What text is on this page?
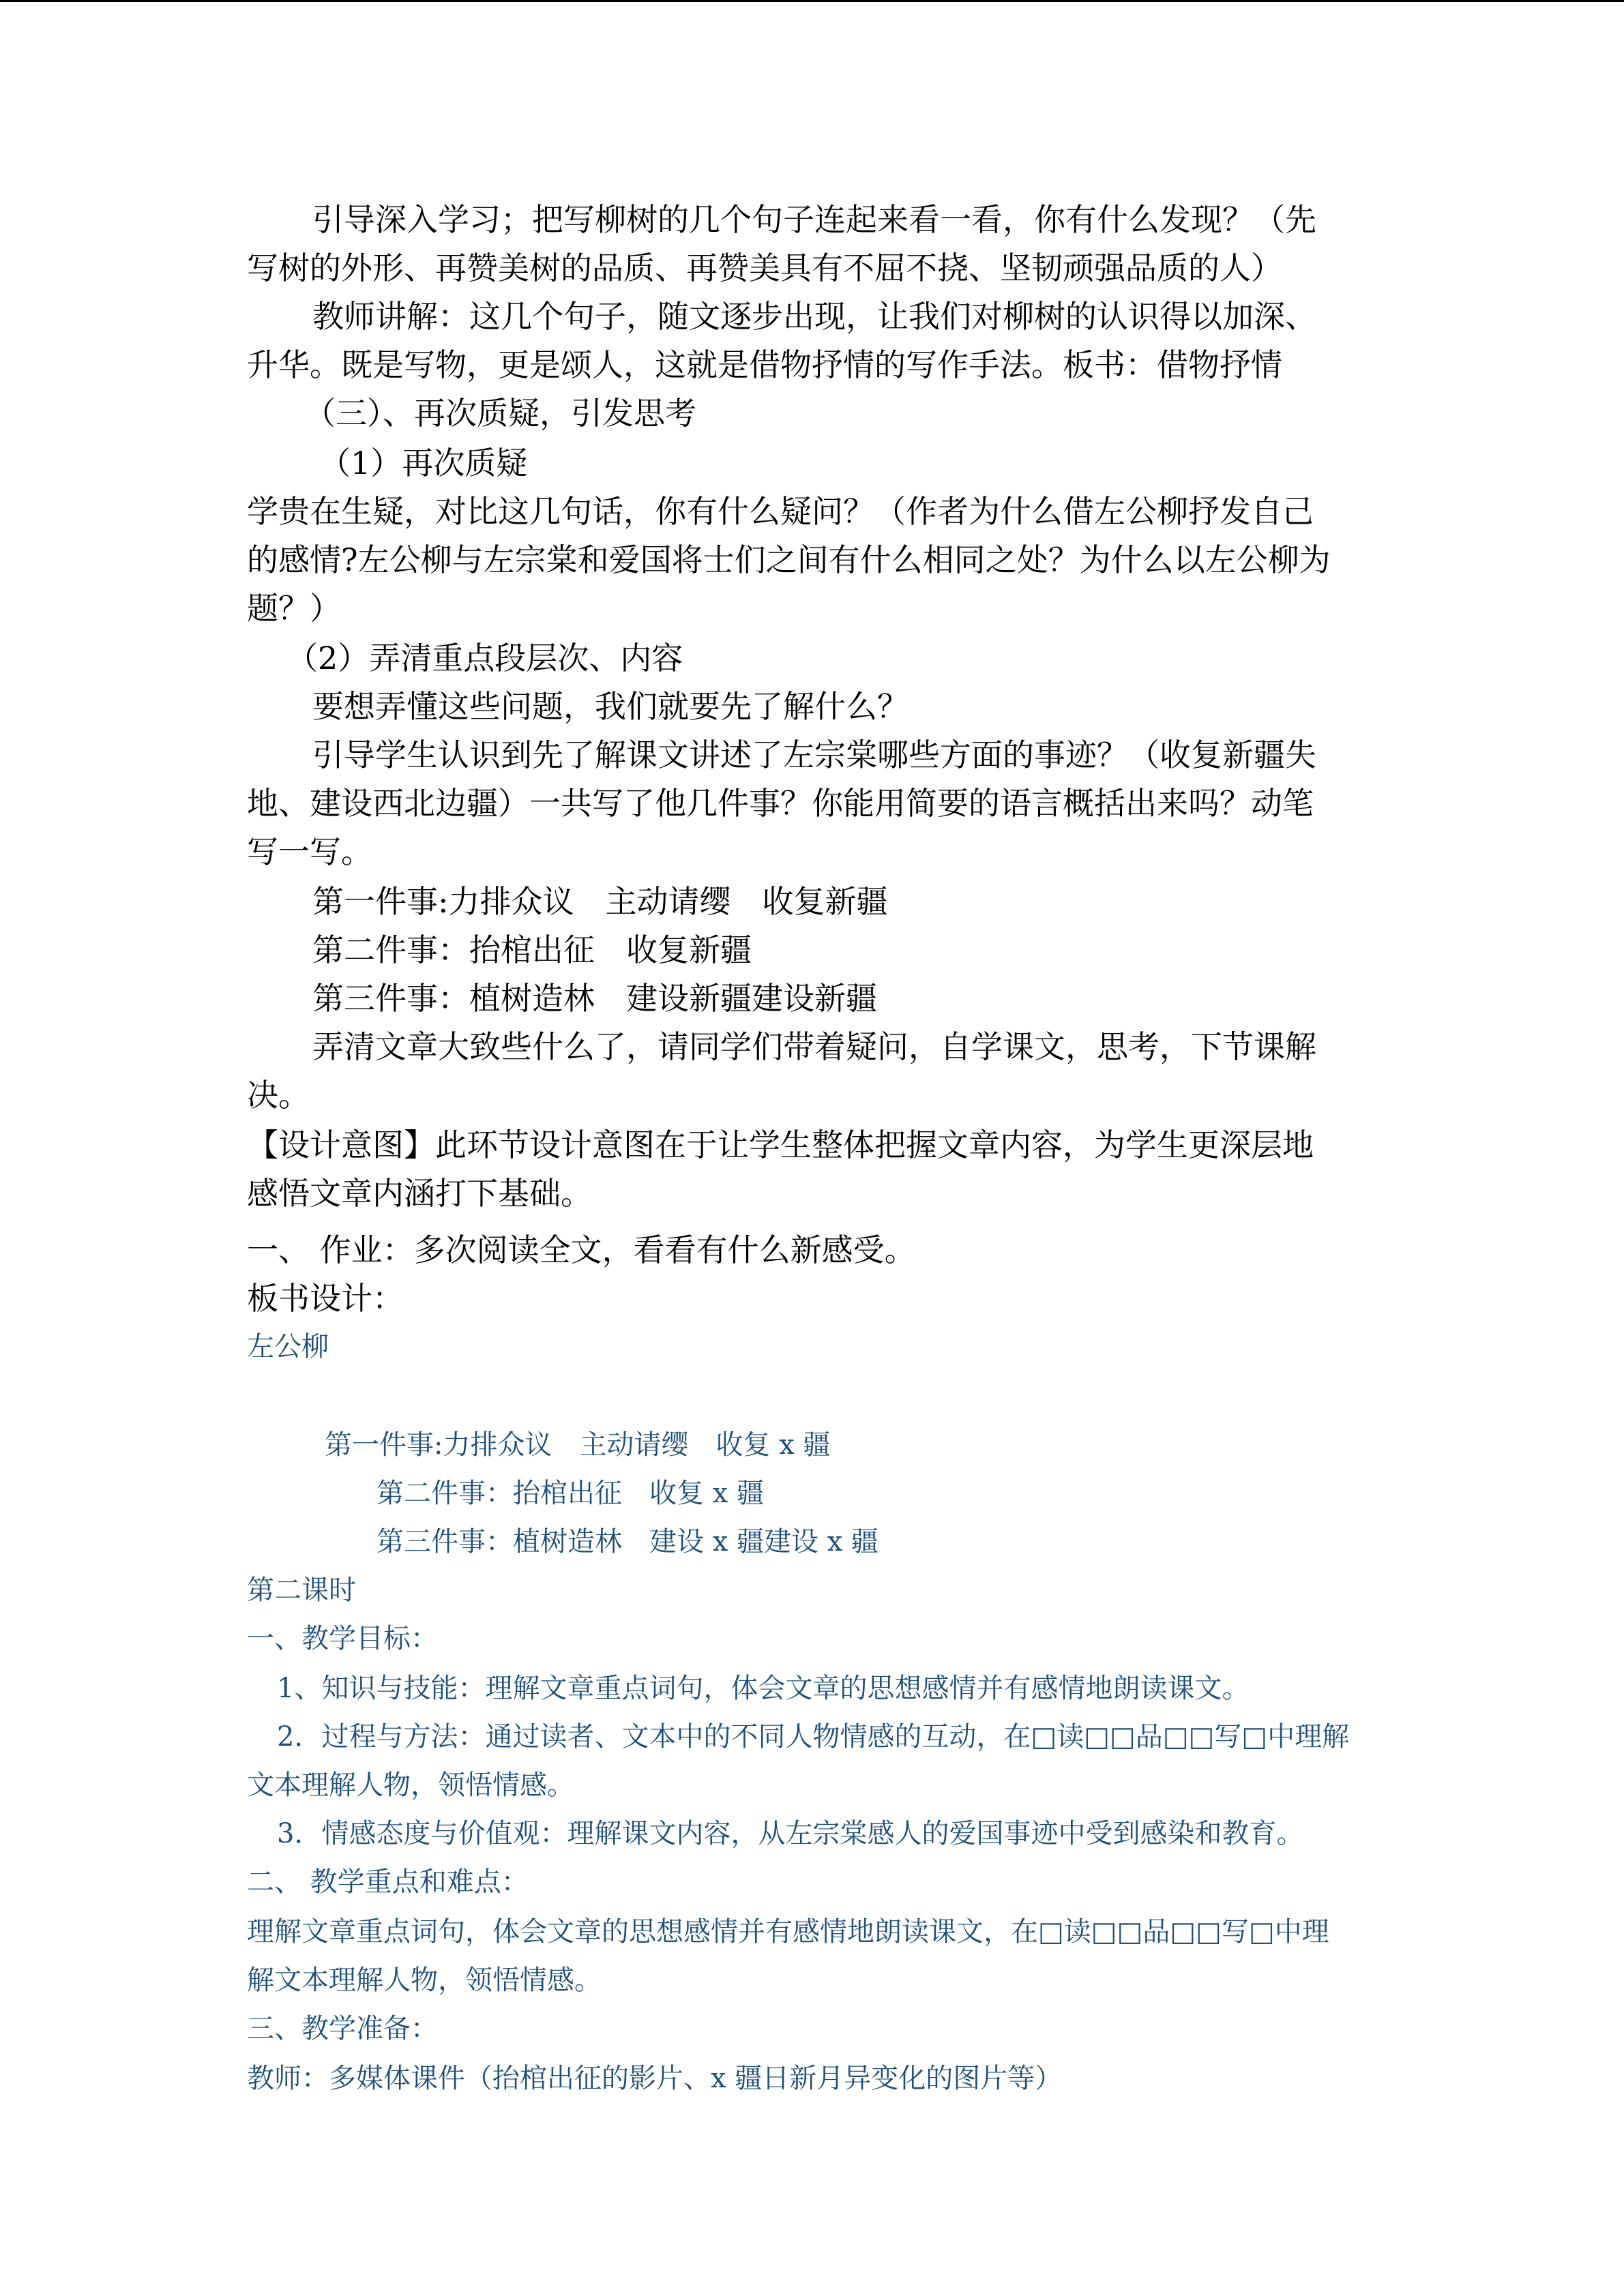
引导深入学习；把写柳树的几个句子连起来看一看，你有什么发现？（先
写树的外形、再赞美树的品质、再赞美具有不屈不挠、坚韧顽强品质的人）
教师讲解：这几个句子，随文逐步出现，让我们对柳树的认识得以加深、
升华。既是写物，更是颂人，这就是借物抒情的写作手法。板书：借物抒情
（三）、再次质疑，引发思考
（1）再次质疑
学贵在生疑，对比这几句话，你有什么疑问？（作者为什么借左公柳抒发自己
的感情?左公柳与左宗棠和爱国将士们之间有什么相同之处？为什么以左公柳为
题？）
（2）弄清重点段层次、内容
要想弄懂这些问题，我们就要先了解什么？
引导学生认识到先了解课文讲述了左宗棠哪些方面的事迹？（收复新疆失
地、建设西北边疆）一共写了他几件事？你能用简要的语言概括出来吗？动笔
写一写。
第一件事:力排众议　主动请缨　收复新疆
第二件事：抬棺出征　收复新疆
第三件事：植树造林　建设新疆建设新疆
弄清文章大致些什么了，请同学们带着疑问，自学课文，思考，下节课解
决。
【设计意图】此环节设计意图在于让学生整体把握文章内容，为学生更深层地
感悟文章内涵打下基础。
一、 作业：多次阅读全文，看看有什么新感受。
板书设计：
左公柳
第一件事:力排众议　主动请缨　收复 x 疆
第二件事：抬棺出征　收复 x 疆
第三件事：植树造林　建设 x 疆建设 x 疆
第二课时
一、教学目标：
1、知识与技能：理解文章重点词句，体会文章的思想感情并有感情地朗读课文。
2．过程与方法：通过读者、文本中的不同人物情感的互动，在□读□□品□□写□中理解
文本理解人物，领悟情感。
3．情感态度与价值观：理解课文内容，从左宗棠感人的爱国事迹中受到感染和教育。
二、 教学重点和难点：
理解文章重点词句，体会文章的思想感情并有感情地朗读课文，在□读□□品□□写□中理
解文本理解人物，领悟情感。
三、教学准备：
教师：多媒体课件（抬棺出征的影片、x 疆日新月异变化的图片等）
